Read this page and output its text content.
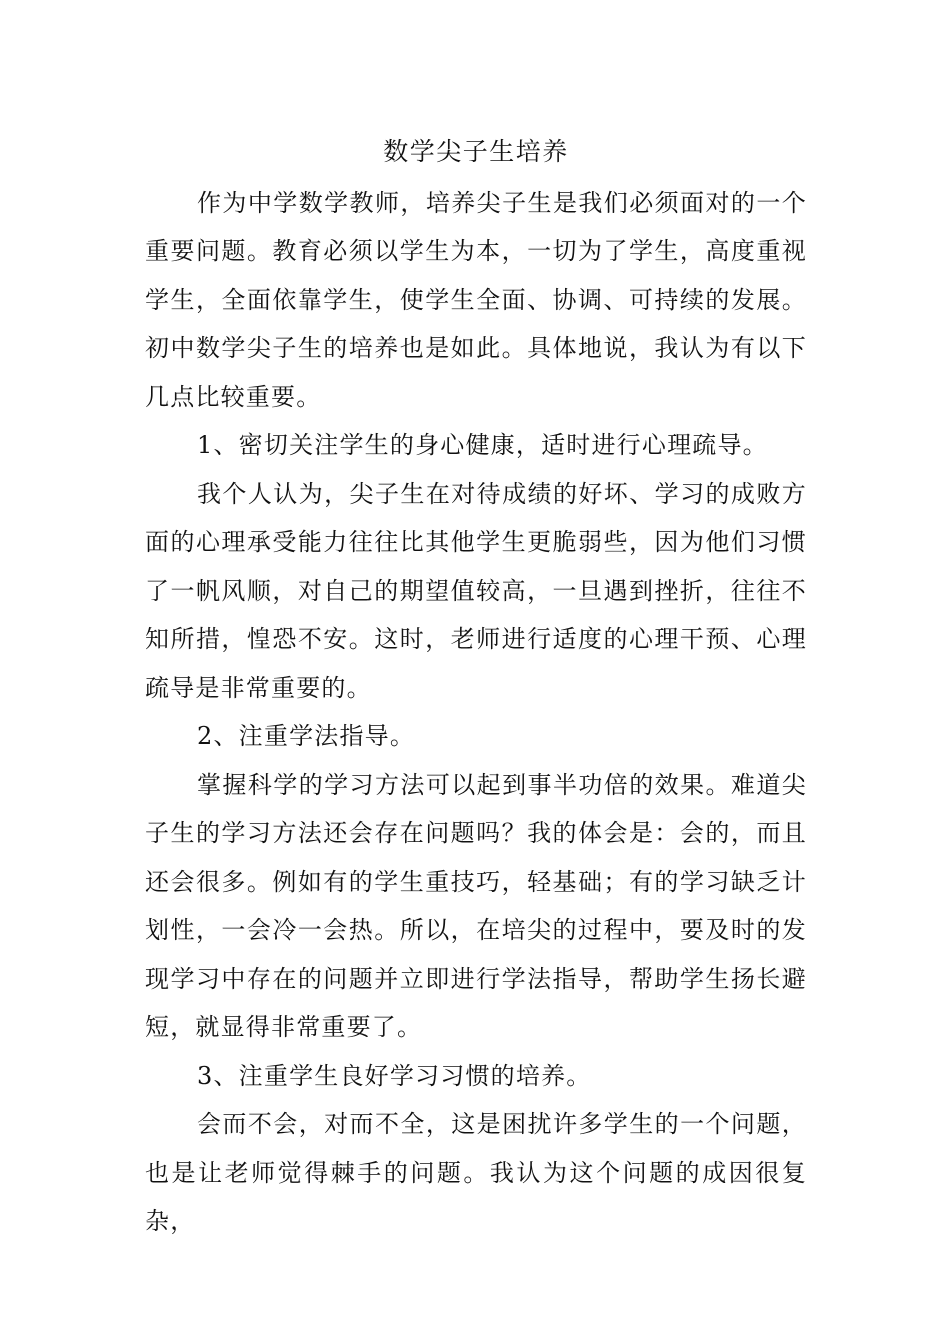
数学尖子生培养

作为中学数学教师，培养尖子生是我们必须面对的一个重要问题。教育必须以学生为本，一切为了学生，高度重视学生，全面依靠学生，使学生全面、协调、可持续的发展。初中数学尖子生的培养也是如此。具体地说，我认为有以下几点比较重要。

1、密切关注学生的身心健康，适时进行心理疏导。

我个人认为，尖子生在对待成绩的好坏、学习的成败方面的心理承受能力往往比其他学生更脆弱些，因为他们习惯了一帆风顺，对自己的期望值较高，一旦遇到挫折，往往不知所措，惶恐不安。这时，老师进行适度的心理干预、心理疏导是非常重要的。

2、注重学法指导。

掌握科学的学习方法可以起到事半功倍的效果。难道尖子生的学习方法还会存在问题吗？我的体会是：会的，而且还会很多。例如有的学生重技巧，轻基础；有的学习缺乏计划性，一会冷一会热。所以，在培尖的过程中，要及时的发现学习中存在的问题并立即进行学法指导，帮助学生扬长避短，就显得非常重要了。

3、注重学生良好学习习惯的培养。

会而不会，对而不全，这是困扰许多学生的一个问题，也是让老师觉得棘手的问题。我认为这个问题的成因很复杂，
